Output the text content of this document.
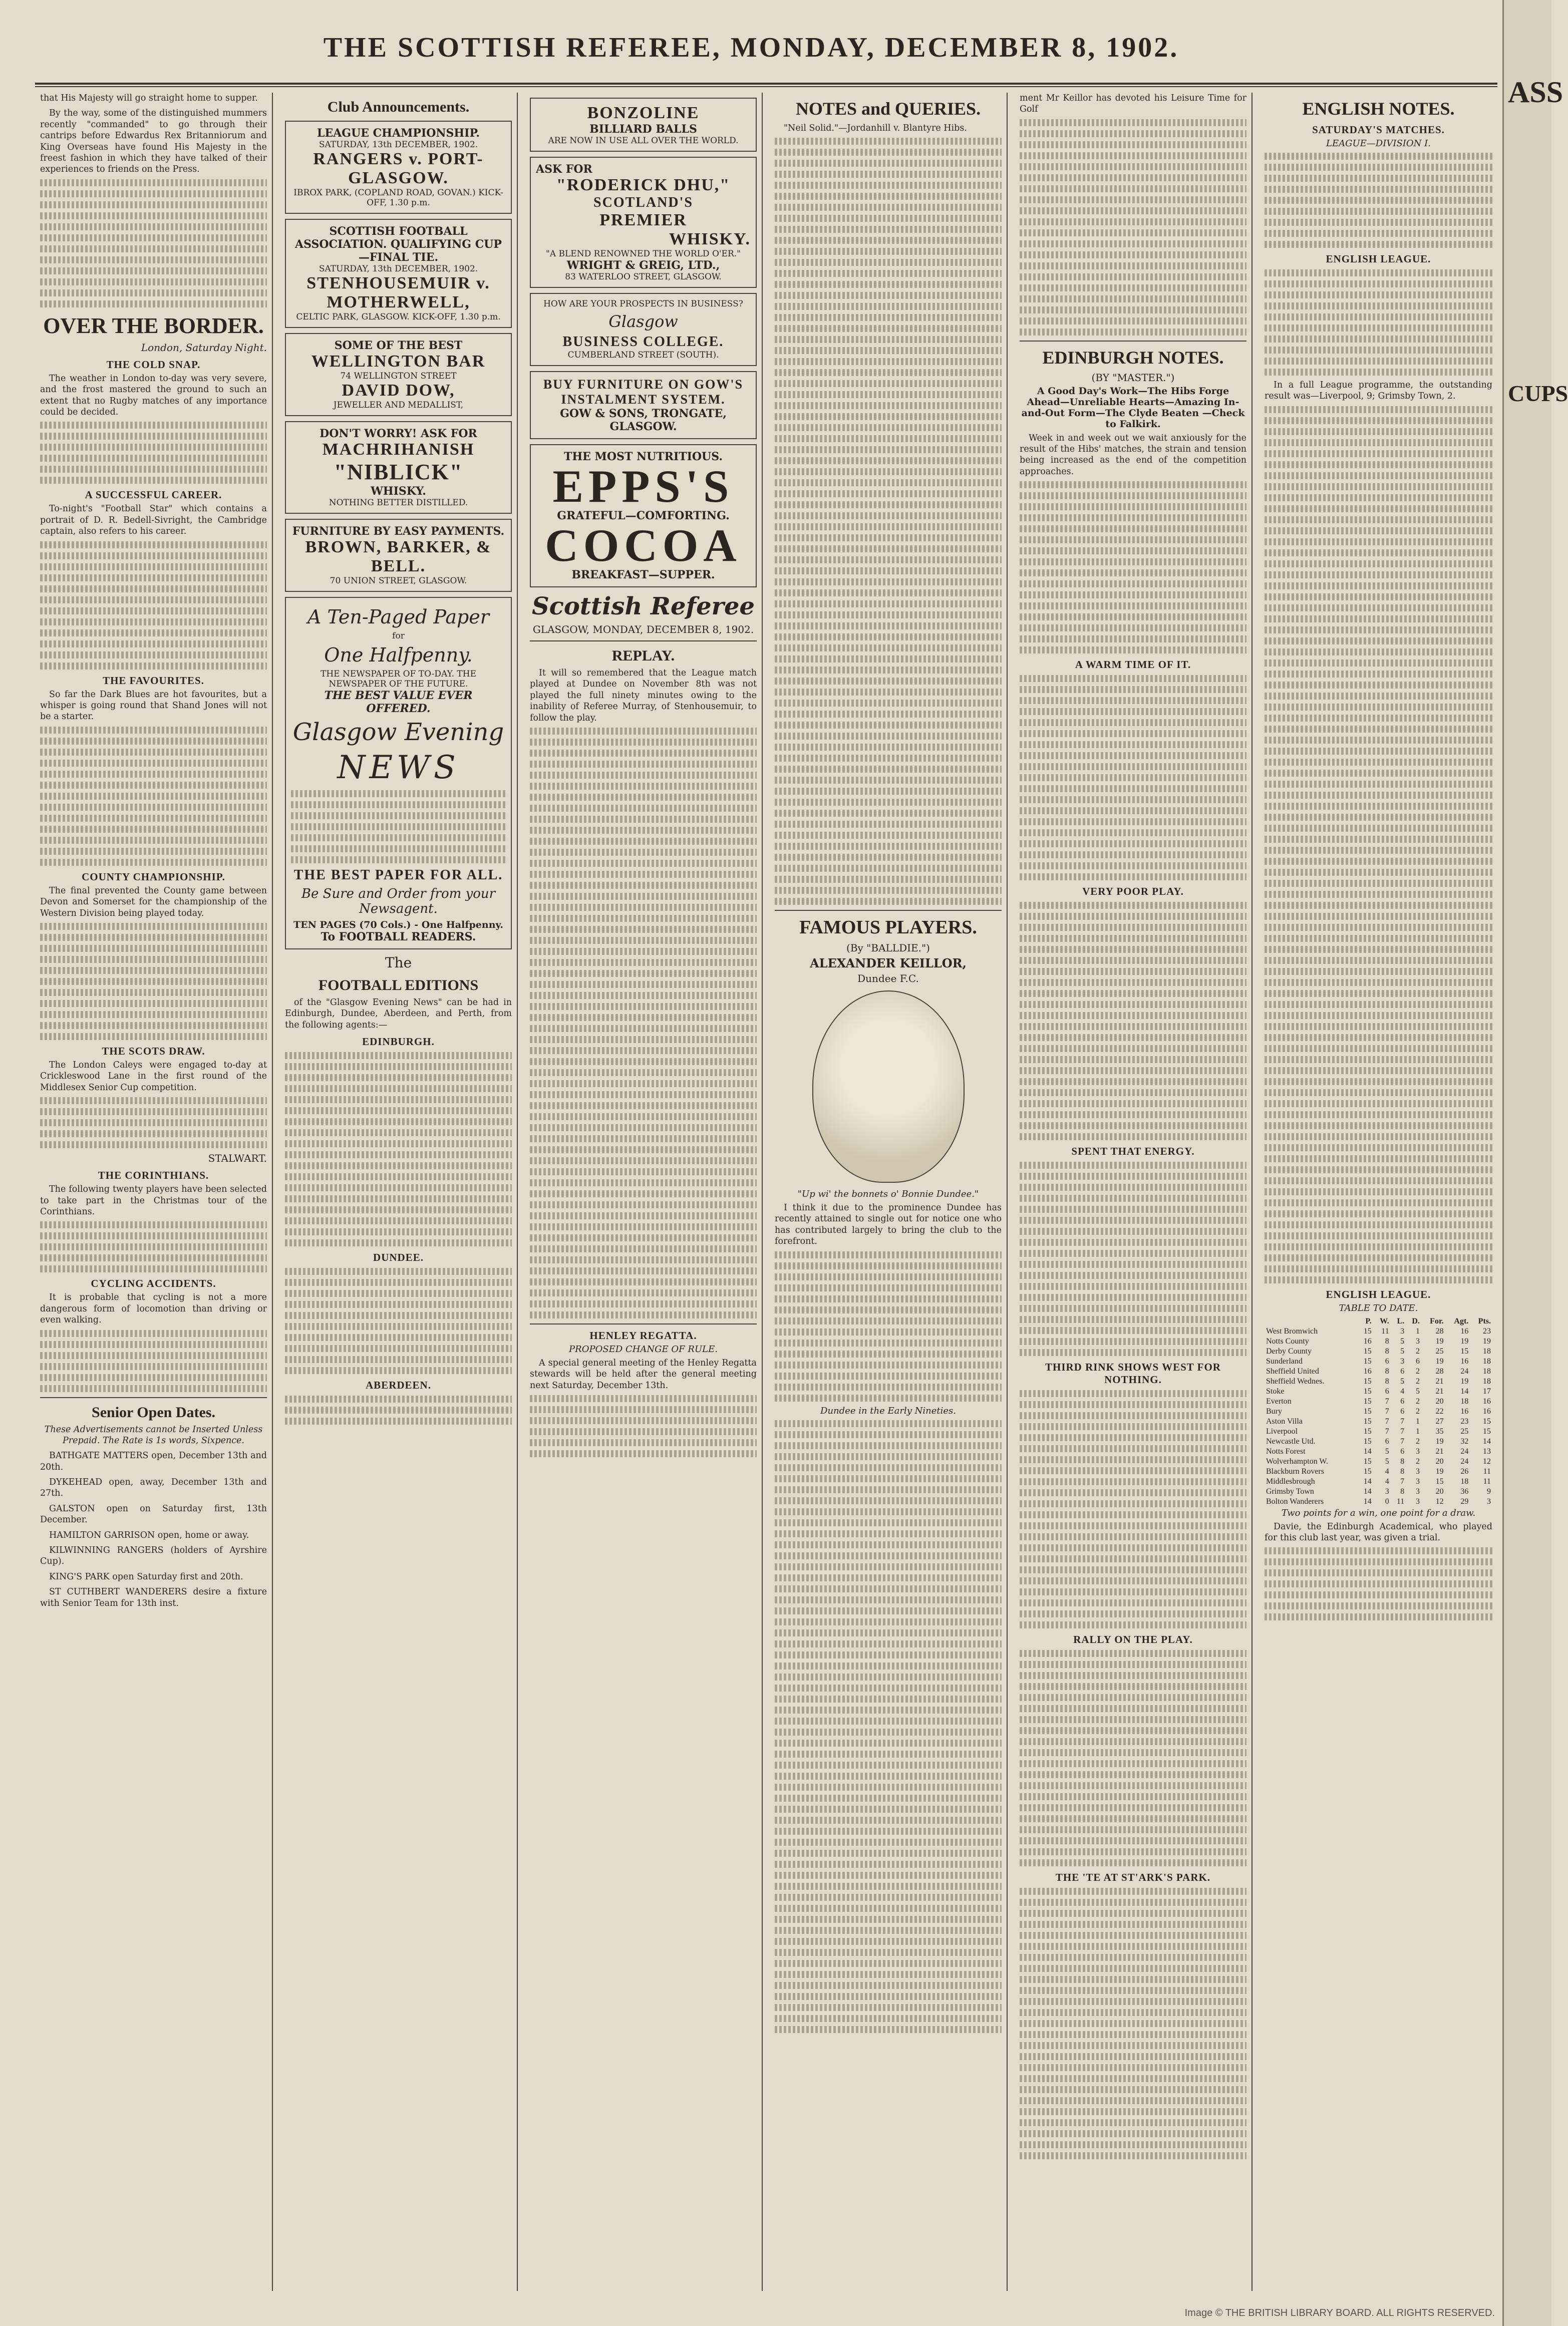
THE SCOTTISH REFEREE, MONDAY, DECEMBER 8, 1902.

that His Majesty will go straight home to supper.

By the way, some of the distinguished mummers recently "commanded" to go through their cantrips before Edwardus Rex Britanniorum and King Overseas have found His Majesty in the freest fashion in which they have talked of their experiences to friends on the Press.

OVER THE BORDER.
London, Saturday Night.
THE COLD SNAP.

The weather in London to-day was very severe, and the frost mastered the ground to such an extent that no Rugby matches of any importance could be decided.

A SUCCESSFUL CAREER.

To-night's "Football Star" which contains a portrait of D. R. Bedell-Sivright, the Cambridge captain, also refers to his career.

THE FAVOURITES.

So far the Dark Blues are hot favourites, but a whisper is going round that Shand Jones will not be a starter.

COUNTY CHAMPIONSHIP.

The final prevented the County game between Devon and Somerset for the championship of the Western Division being played today.

THE SCOTS DRAW.

The London Caleys were engaged to-day at Crickleswood Lane in the first round of the Middlesex Senior Cup competition.

STALWART.
THE CORINTHIANS.

The following twenty players have been selected to take part in the Christmas tour of the Corinthians.

CYCLING ACCIDENTS.

It is probable that cycling is not a more dangerous form of locomotion than driving or even walking.

Senior Open Dates.

These Advertisements cannot be Inserted Unless Prepaid. The Rate is 1s words, Sixpence.

BATHGATE MATTERS open, December 13th and 20th.

DYKEHEAD open, away, December 13th and 27th.

GALSTON open on Saturday first, 13th December.

HAMILTON GARRISON open, home or away.

KILWINNING RANGERS (holders of Ayrshire Cup).

KING'S PARK open Saturday first and 20th.

ST CUTHBERT WANDERERS desire a fixture with Senior Team for 13th inst.

Club Announcements.
LEAGUE CHAMPIONSHIP.
SATURDAY, 13th DECEMBER, 1902.
RANGERS v. PORT-GLASGOW.
IBROX PARK, (COPLAND ROAD, GOVAN.) KICK-OFF, 1.30 p.m.
SCOTTISH FOOTBALL ASSOCIATION. QUALIFYING CUP—FINAL TIE.
SATURDAY, 13th DECEMBER, 1902.
STENHOUSEMUIR v. MOTHERWELL,
CELTIC PARK, GLASGOW. KICK-OFF, 1.30 p.m.
SOME OF THE BEST
WELLINGTON BAR
74 WELLINGTON STREET
DAVID DOW,
JEWELLER AND MEDALLIST,
DON'T WORRY! ASK FOR
MACHRIHANISH
"NIBLICK"
WHISKY.
NOTHING BETTER DISTILLED.
FURNITURE BY EASY PAYMENTS.
BROWN, BARKER, & BELL.
70 UNION STREET, GLASGOW.
A Ten-Paged Paper
for
One Halfpenny.
THE NEWSPAPER OF TO-DAY. THE NEWSPAPER OF THE FUTURE.
THE BEST VALUE EVER OFFERED.
Glasgow Evening
NEWS
THE BEST PAPER FOR ALL.
Be Sure and Order from your Newsagent.
TEN PAGES (70 Cols.) - One Halfpenny.
To FOOTBALL READERS.
The
FOOTBALL EDITIONS

of the "Glasgow Evening News" can be had in Edinburgh, Dundee, Aberdeen, and Perth, from the following agents:—

EDINBURGH.
DUNDEE.
ABERDEEN.
BONZOLINE
BILLIARD BALLS
ARE NOW IN USE ALL OVER THE WORLD.
ASK FOR
"RODERICK DHU,"
SCOTLAND'S
PREMIER
WHISKY.
"A BLEND RENOWNED THE WORLD O'ER."
WRIGHT & GREIG, LTD.,
83 WATERLOO STREET, GLASGOW.
HOW ARE YOUR PROSPECTS IN BUSINESS?
Glasgow
BUSINESS COLLEGE.
CUMBERLAND STREET (SOUTH).
BUY FURNITURE ON GOW'S INSTALMENT SYSTEM.
GOW & SONS, TRONGATE, GLASGOW.
THE MOST NUTRITIOUS.
EPPS'S
GRATEFUL—COMFORTING.
COCOA
BREAKFAST—SUPPER.
Scottish Referee
GLASGOW, MONDAY, DECEMBER 8, 1902.
REPLAY.

It will so remembered that the League match played at Dundee on November 8th was not played the full ninety minutes owing to the inability of Referee Murray, of Stenhousemuir, to follow the play.

HENLEY REGATTA.
PROPOSED CHANGE OF RULE.

A special general meeting of the Henley Regatta stewards will be held after the general meeting next Saturday, December 13th.

NOTES and QUERIES.

"Neil Solid."—Jordanhill v. Blantyre Hibs.

FAMOUS PLAYERS.
(By "BALLDIE.")
ALEXANDER KEILLOR,
Dundee F.C.
"Up wi' the bonnets o' Bonnie Dundee."

I think it due to the prominence Dundee has recently attained to single out for notice one who has contributed largely to bring the club to the forefront.

Dundee in the Early Nineties.

ment Mr Keillor has devoted his Leisure Time for Golf

EDINBURGH NOTES.
(BY "MASTER.")
A Good Day's Work—The Hibs Forge Ahead—Unreliable Hearts—Amazing In-and-Out Form—The Clyde Beaten —Check to Falkirk.

Week in and week out we wait anxiously for the result of the Hibs' matches, the strain and tension being increased as the end of the competition approaches.

A WARM TIME OF IT.
VERY POOR PLAY.
SPENT THAT ENERGY.
THIRD RINK SHOWS WEST FOR NOTHING.
RALLY ON THE PLAY.
THE 'TE AT ST'ARK'S PARK.
ENGLISH NOTES.
SATURDAY'S MATCHES.
LEAGUE—DIVISION I.
ENGLISH LEAGUE.

In a full League programme, the outstanding result was—Liverpool, 9; Grimsby Town, 2.

ENGLISH LEAGUE.
TABLE TO DATE.
	P.	W.	L.	D.	For.	Agt.	Pts.
West Bromwich	15	11	3	1	28	16	23
Notts County	16	8	5	3	19	19	19
Derby County	15	8	5	2	25	15	18
Sunderland	15	6	3	6	19	16	18
Sheffield United	16	8	6	2	28	24	18
Sheffield Wednes.	15	8	5	2	21	19	18
Stoke	15	6	4	5	21	14	17
Everton	15	7	6	2	20	18	16
Bury	15	7	6	2	22	16	16
Aston Villa	15	7	7	1	27	23	15
Liverpool	15	7	7	1	35	25	15
Newcastle Utd.	15	6	7	2	19	32	14
Notts Forest	14	5	6	3	21	24	13
Wolverhampton W.	15	5	8	2	20	24	12
Blackburn Rovers	15	4	8	3	19	26	11
Middlesbrough	14	4	7	3	15	18	11
Grimsby Town	14	3	8	3	20	36	9
Bolton Wanderers	14	0	11	3	12	29	3
Two points for a win, one point for a draw.

Davie, the Edinburgh Academical, who played for this club last year, was given a trial.

ASS
CUPS
Image © THE BRITISH LIBRARY BOARD. ALL RIGHTS RESERVED.
